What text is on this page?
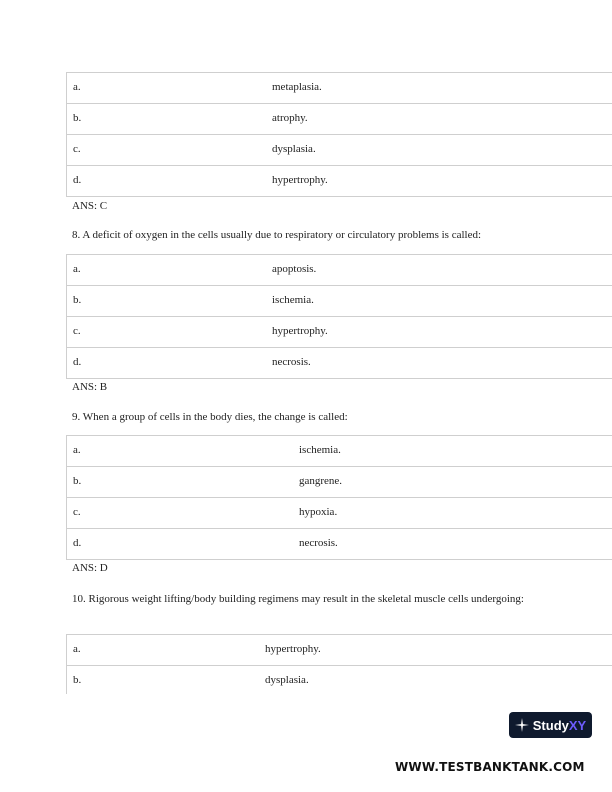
a.	metaplasia.
b.	atrophy.
c.	dysplasia.
d.	hypertrophy.
ANS: C
8. A deficit of oxygen in the cells usually due to respiratory or circulatory problems is called:
a.	apoptosis.
b.	ischemia.
c.	hypertrophy.
d.	necrosis.
ANS: B
9. When a group of cells in the body dies, the change is called:
a.	ischemia.
b.	gangrene.
c.	hypoxia.
d.	necrosis.
ANS: D
10. Rigorous weight lifting/body building regimens may result in the skeletal muscle cells undergoing:
a.	hypertrophy.
b.	dysplasia.
StudyXY
WWW.TESTBANKTANK.COM
